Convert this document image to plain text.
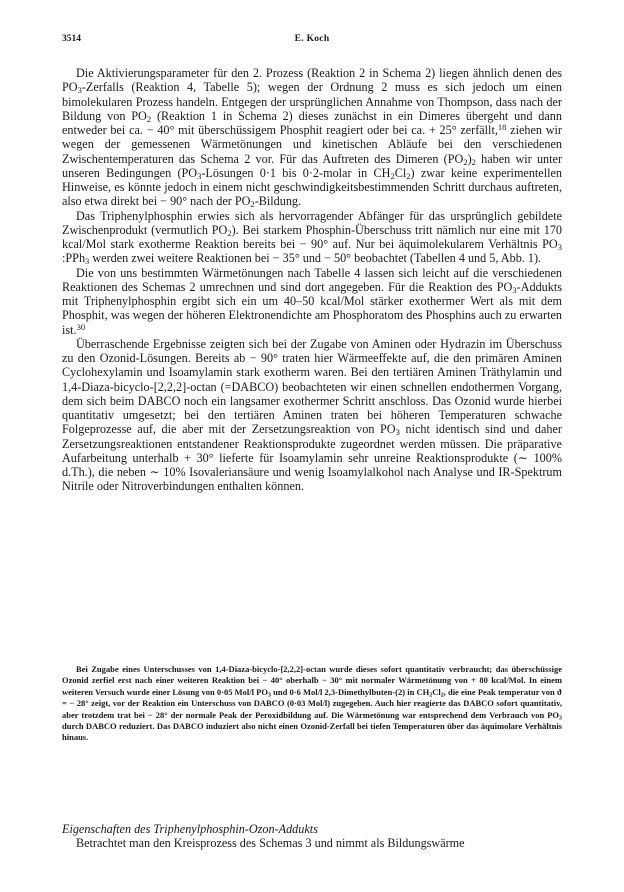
3514	E. Koch

Die Aktivierungsparameter für den 2. Prozess (Reaktion 2 in Schema 2) liegen ähnlich denen des $PO_3$-Zerfalls (Reaktion 4, Tabelle 5); wegen der Ordnung 2 muss es sich jedoch um einen bimolekularen Prozess handeln. Entgegen der ursprünglichen Annahme von Thompson, dass nach der Bildung von $PO_2$ (Reaktion 1 in Schema 2) dieses zunächst in ein Dimeres übergeht und dann entweder bei ca. − 40° mit überschüssigem Phosphit reagiert oder bei ca. + 25° zerfällt,$^{18}$ ziehen wir wegen der gemessenen Wärmetönungen und kinetischen Abläufe bei den verschiedenen Zwischentemperaturen das Schema 2 vor. Für das Auftreten des Dimeren $(PO_2)_2$ haben wir unter unseren Bedingungen ($PO_3$-Lösungen 0·1 bis 0·2-molar in $CH_2Cl_2$) zwar keine experimentellen Hinweise, es könnte jedoch in einem nicht geschwindigkeitsbestimmenden Schritt durchaus auftreten, also etwa direkt bei − 90° nach der $PO_2$-Bildung.

Das Triphenylphosphin erwies sich als hervorragender Abfänger für das ursprünglich gebildete Zwischenprodukt (vermutlich $PO_2$). Bei starkem Phosphin-Überschuss tritt nämlich nur eine mit 170 kcal/Mol stark exotherme Reaktion bereits bei − 90° auf. Nur bei äquimolekularem Verhältnis $PO_3$ :PPh$_3$ werden zwei weitere Reaktionen bei − 35° und − 50° beobachtet (Tabellen 4 und 5, Abb. 1).

Die von uns bestimmten Wärmetönungen nach Tabelle 4 lassen sich leicht auf die verschiedenen Reaktionen des Schemas 2 umrechnen und sind dort angegeben. Für die Reaktion des $PO_3$-Addukts mit Triphenylphosphin ergibt sich ein um 40–50 kcal/Mol stärker exothermer Wert als mit dem Phosphit, was wegen der höheren Elektronendichte am Phosphoratom des Phosphins auch zu erwarten ist.$^{30}$

Überraschende Ergebnisse zeigten sich bei der Zugabe von Aminen oder Hydrazin im Überschuss zu den Ozonid-Lösungen. Bereits ab − 90° traten hier Wärmeeffekte auf, die den primären Aminen Cyclohexylamin und Isoamylamin stark exotherm waren. Bei den tertiären Aminen Träthylamin und 1,4-Diaza-bicyclo-[2,2,2]-octan (=DABCO) beobachteten wir einen schnellen endothermen Vorgang, dem sich beim DABCO noch ein langsamer exothermer Schritt anschloss. Das Ozonid wurde hierbei quantitativ umgesetzt; bei den tertiären Aminen traten bei höheren Temperaturen schwache Folgeprozesse auf, die aber mit der Zersetzungsreaktion von $PO_3$ nicht identisch sind und daher Zersetzungsreaktionen entstandener Reaktionsprodukte zugeordnet werden müssen. Die präparative Aufarbeitung unterhalb + 30° lieferte für Isoamylamin sehr unreine Reaktionsprodukte (∼ 100% d.Th.), die neben ∼ 10% Isovaleriansäure und wenig Isoamylalkohol nach Analyse und IR-Spektrum Nitrile oder Nitroverbindungen enthalten können.

Bei Zugabe eines Unterschusses von 1,4-Diaza-bicyclo-[2,2,2]-octan wurde dieses sofort quantitativ verbraucht; das überschüssige Ozonid zerfiel erst nach einer weiteren Reaktion bei − 40° oberhalb − 30° mit normaler Wärmetönung von + 80 kcal/Mol. In einem weiteren Versuch wurde einer Lösung von 0·05 Mol/l $PO_3$ und 0·6 Mol/l 2,3-Dimethylbuten-(2) in $CH_2Cl_2$, die eine Peak temperatur von ϑ = − 28° zeigt, vor der Reaktion ein Unterschuss von DABCO (0·03 Mol/l) zugegeben. Auch hier reagierte das DABCO sofort quantitativ, aber trotzdem trat bei − 28° der normale Peak der Peroxidbildung auf. Die Wärmetönung war entsprechend dem Verbrauch von $PO_3$ durch DABCO reduziert. Das DABCO induziert also nicht einen Ozonid-Zerfall bei tiefen Temperaturen über das äquimolare Verhältnis hinaus.

Eigenschaften des Triphenylphosphin-Ozon-Addukts

Betrachtet man den Kreisprozess des Schemas 3 und nimmt als Bildungswärme
